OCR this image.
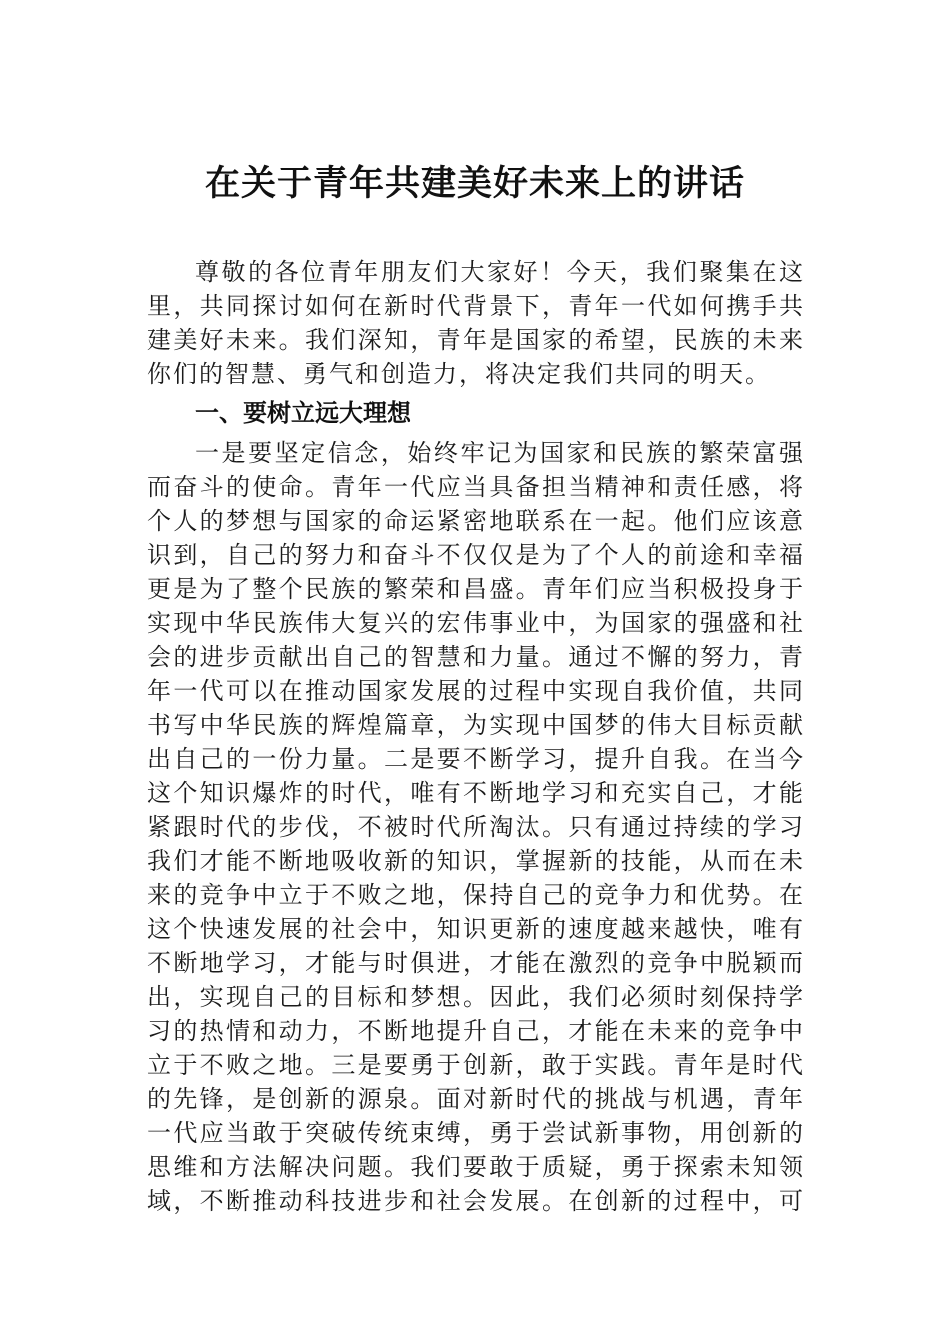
在关于青年共建美好未来上的讲话
尊敬的各位青年朋友们大家好！今天，我们聚集在这
里，共同探讨如何在新时代背景下，青年一代如何携手共
建美好未来。我们深知，青年是国家的希望，民族的未来
你们的智慧、勇气和创造力，将决定我们共同的明天。
一、要树立远大理想
一是要坚定信念，始终牢记为国家和民族的繁荣富强
而奋斗的使命。青年一代应当具备担当精神和责任感，将
个人的梦想与国家的命运紧密地联系在一起。他们应该意
识到，自己的努力和奋斗不仅仅是为了个人的前途和幸福
更是为了整个民族的繁荣和昌盛。青年们应当积极投身于
实现中华民族伟大复兴的宏伟事业中，为国家的强盛和社
会的进步贡献出自己的智慧和力量。通过不懈的努力，青
年一代可以在推动国家发展的过程中实现自我价值，共同
书写中华民族的辉煌篇章，为实现中国梦的伟大目标贡献
出自己的一份力量。二是要不断学习，提升自我。在当今
这个知识爆炸的时代，唯有不断地学习和充实自己，才能
紧跟时代的步伐，不被时代所淘汰。只有通过持续的学习
我们才能不断地吸收新的知识，掌握新的技能，从而在未
来的竞争中立于不败之地，保持自己的竞争力和优势。在
这个快速发展的社会中，知识更新的速度越来越快，唯有
不断地学习，才能与时俱进，才能在激烈的竞争中脱颖而
出，实现自己的目标和梦想。因此，我们必须时刻保持学
习的热情和动力，不断地提升自己，才能在未来的竞争中
立于不败之地。三是要勇于创新，敢于实践。青年是时代
的先锋，是创新的源泉。面对新时代的挑战与机遇，青年
一代应当敢于突破传统束缚，勇于尝试新事物，用创新的
思维和方法解决问题。我们要敢于质疑，勇于探索未知领
域，不断推动科技进步和社会发展。在创新的过程中，可
